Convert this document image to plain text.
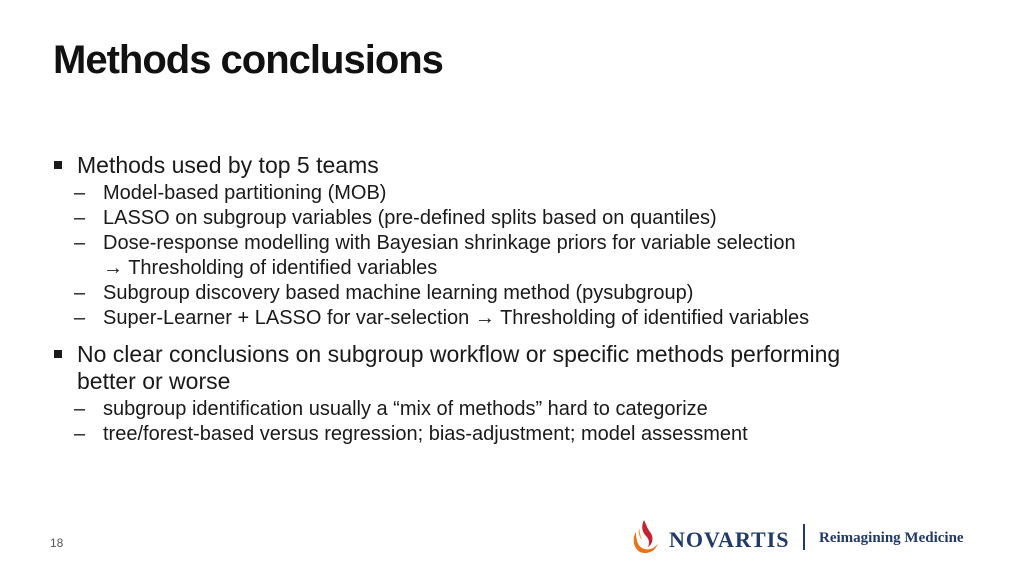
Methods conclusions
Methods used by top 5 teams
– Model-based partitioning (MOB)
– LASSO on subgroup variables (pre-defined splits based on quantiles)
– Dose-response modelling with Bayesian shrinkage priors for variable selection
→ Thresholding of identified variables
– Subgroup discovery based machine learning method (pysubgroup)
– Super-Learner + LASSO for var-selection → Thresholding of identified variables
No clear conclusions on subgroup workflow or specific methods performing
better or worse
– subgroup identification usually a “mix of methods” hard to categorize
– tree/forest-based versus regression; bias-adjustment; model assessment
18	NOVARTIS Reimagining Medicine
